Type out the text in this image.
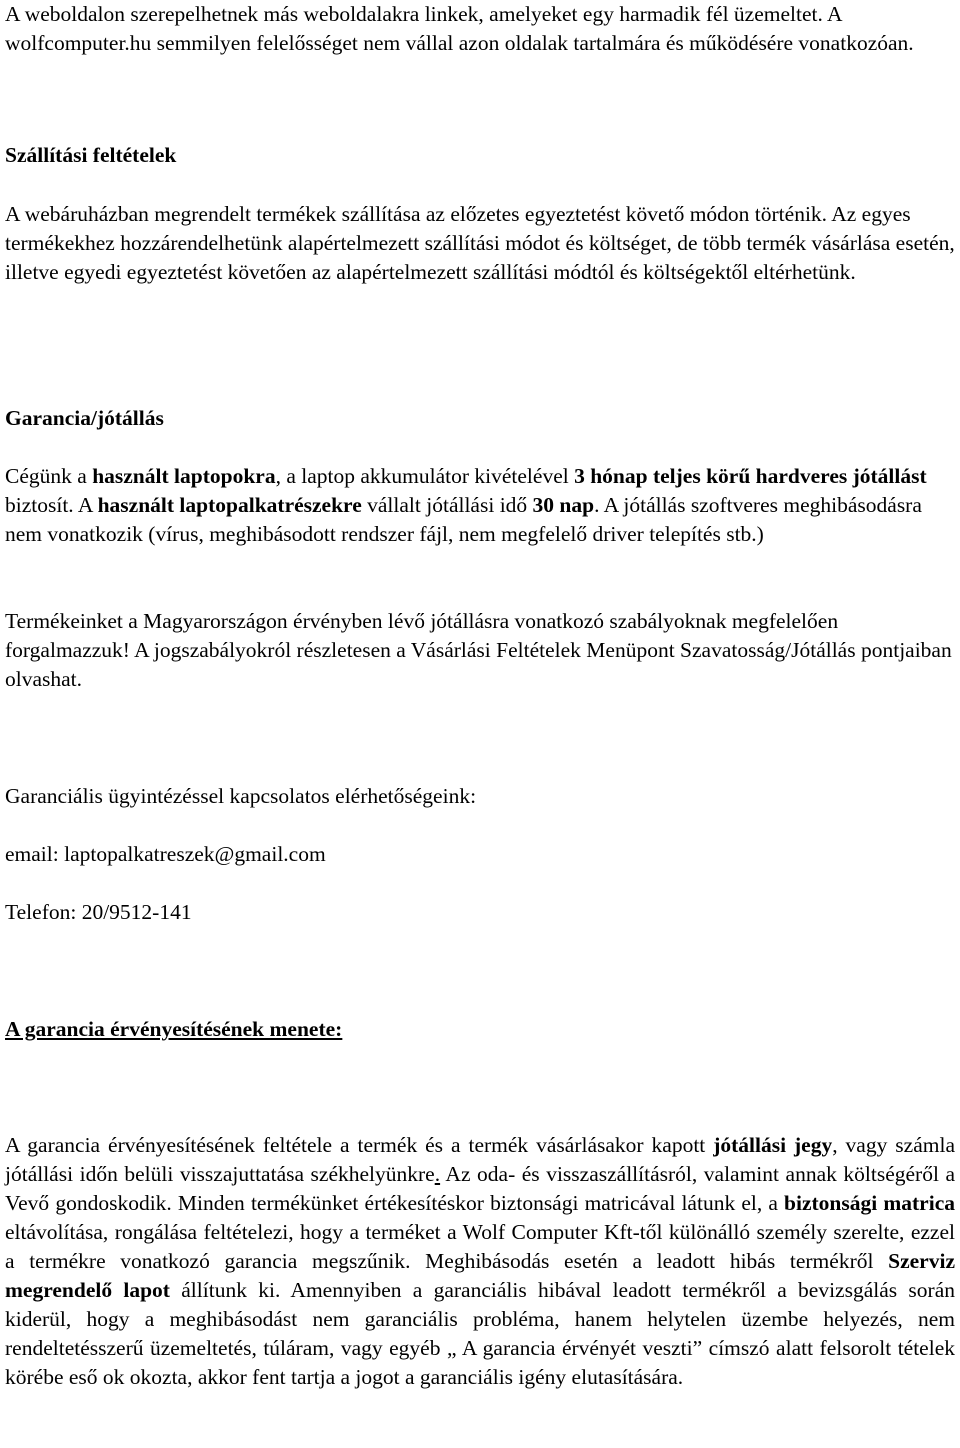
A weboldalon szerepelhetnek más weboldalakra linkek, amelyeket egy harmadik fél üzemeltet. A wolfcomputer.hu semmilyen felelősséget nem vállal azon oldalak tartalmára és működésére vonatkozóan.

Szállítási feltételek

A webáruházban megrendelt termékek szállítása az előzetes egyeztetést követő módon történik. Az egyes termékekhez hozzárendelhetünk alapértelmezett szállítási módot és költséget, de több termék vásárlása esetén, illetve egyedi egyeztetést követően az alapértelmezett szállítási módtól és költségektől eltérhetünk.

Garancia/jótállás

Cégünk a használt laptopokra, a laptop akkumulátor kivételével 3 hónap teljes körű hardveres jótállást biztosít. A használt laptopalkatrészekre vállalt jótállási idő 30 nap. A jótállás szoftveres meghibásodásra nem vonatkozik (vírus, meghibásodott rendszer fájl, nem megfelelő driver telepítés stb.)

Termékeinket a Magyarországon érvényben lévő jótállásra vonatkozó szabályoknak megfelelően forgalmazzuk! A jogszabályokról részletesen a Vásárlási Feltételek Menüpont Szavatosság/Jótállás pontjaiban olvashat.

Garanciális ügyintézéssel kapcsolatos elérhetőségeink:

email: laptopalkatreszek@gmail.com

Telefon: 20/9512-141

A garancia érvényesítésének menete:

A garancia érvényesítésének feltétele a termék és a termék vásárlásakor kapott jótállási jegy, vagy számla jótállási időn belüli visszajuttatása székhelyünkre. Az oda- és visszaszállításról, valamint annak költségéről a Vevő gondoskodik. Minden termékünket értékesítéskor biztonsági matricával látunk el, a biztonsági matrica eltávolítása, rongálása feltételezi, hogy a terméket a Wolf Computer Kft-től különálló személy szerelte, ezzel a termékre vonatkozó garancia megszűnik. Meghibásodás esetén a leadott hibás termékről Szerviz megrendelő lapot állítunk ki. Amennyiben a garanciális hibával leadott termékről a bevizsgálás során kiderül, hogy a meghibásodást nem garanciális probléma, hanem helytelen üzembe helyezés, nem rendeltetésszerű üzemeltetés, túláram, vagy egyéb „ A garancia érvényét veszti” címszó alatt felsorolt tételek körébe eső ok okozta, akkor fent tartja a jogot a garanciális igény elutasítására.
